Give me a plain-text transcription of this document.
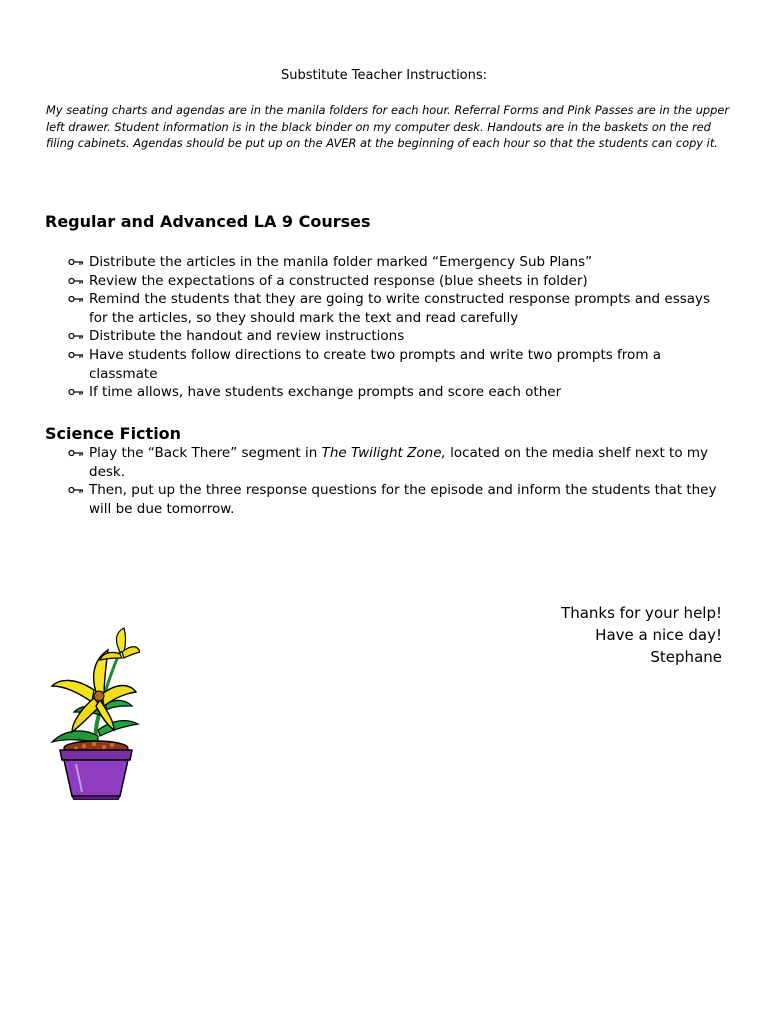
Substitute Teacher Instructions:

My seating charts and agendas are in the manila folders for each hour. Referral Forms and Pink Passes are in the upper left drawer. Student information is in the black binder on my computer desk. Handouts are in the baskets on the red filing cabinets. Agendas should be put up on the AVER at the beginning of each hour so that the students can copy it.

Regular and Advanced LA 9 Courses
Distribute the articles in the manila folder marked “Emergency Sub Plans”
Review the expectations of a constructed response (blue sheets in folder)
Remind the students that they are going to write constructed response prompts and essays for the articles, so they should mark the text and read carefully
Distribute the handout and review instructions
Have students follow directions to create two prompts and write two prompts from a classmate
If time allows, have students exchange prompts and score each other
Science Fiction
Play the “Back There” segment in The Twilight Zone, located on the media shelf next to my desk.
Then, put up the three response questions for the episode and inform the students that they will be due tomorrow.
Thanks for your help!
Have a nice day!
Stephane
